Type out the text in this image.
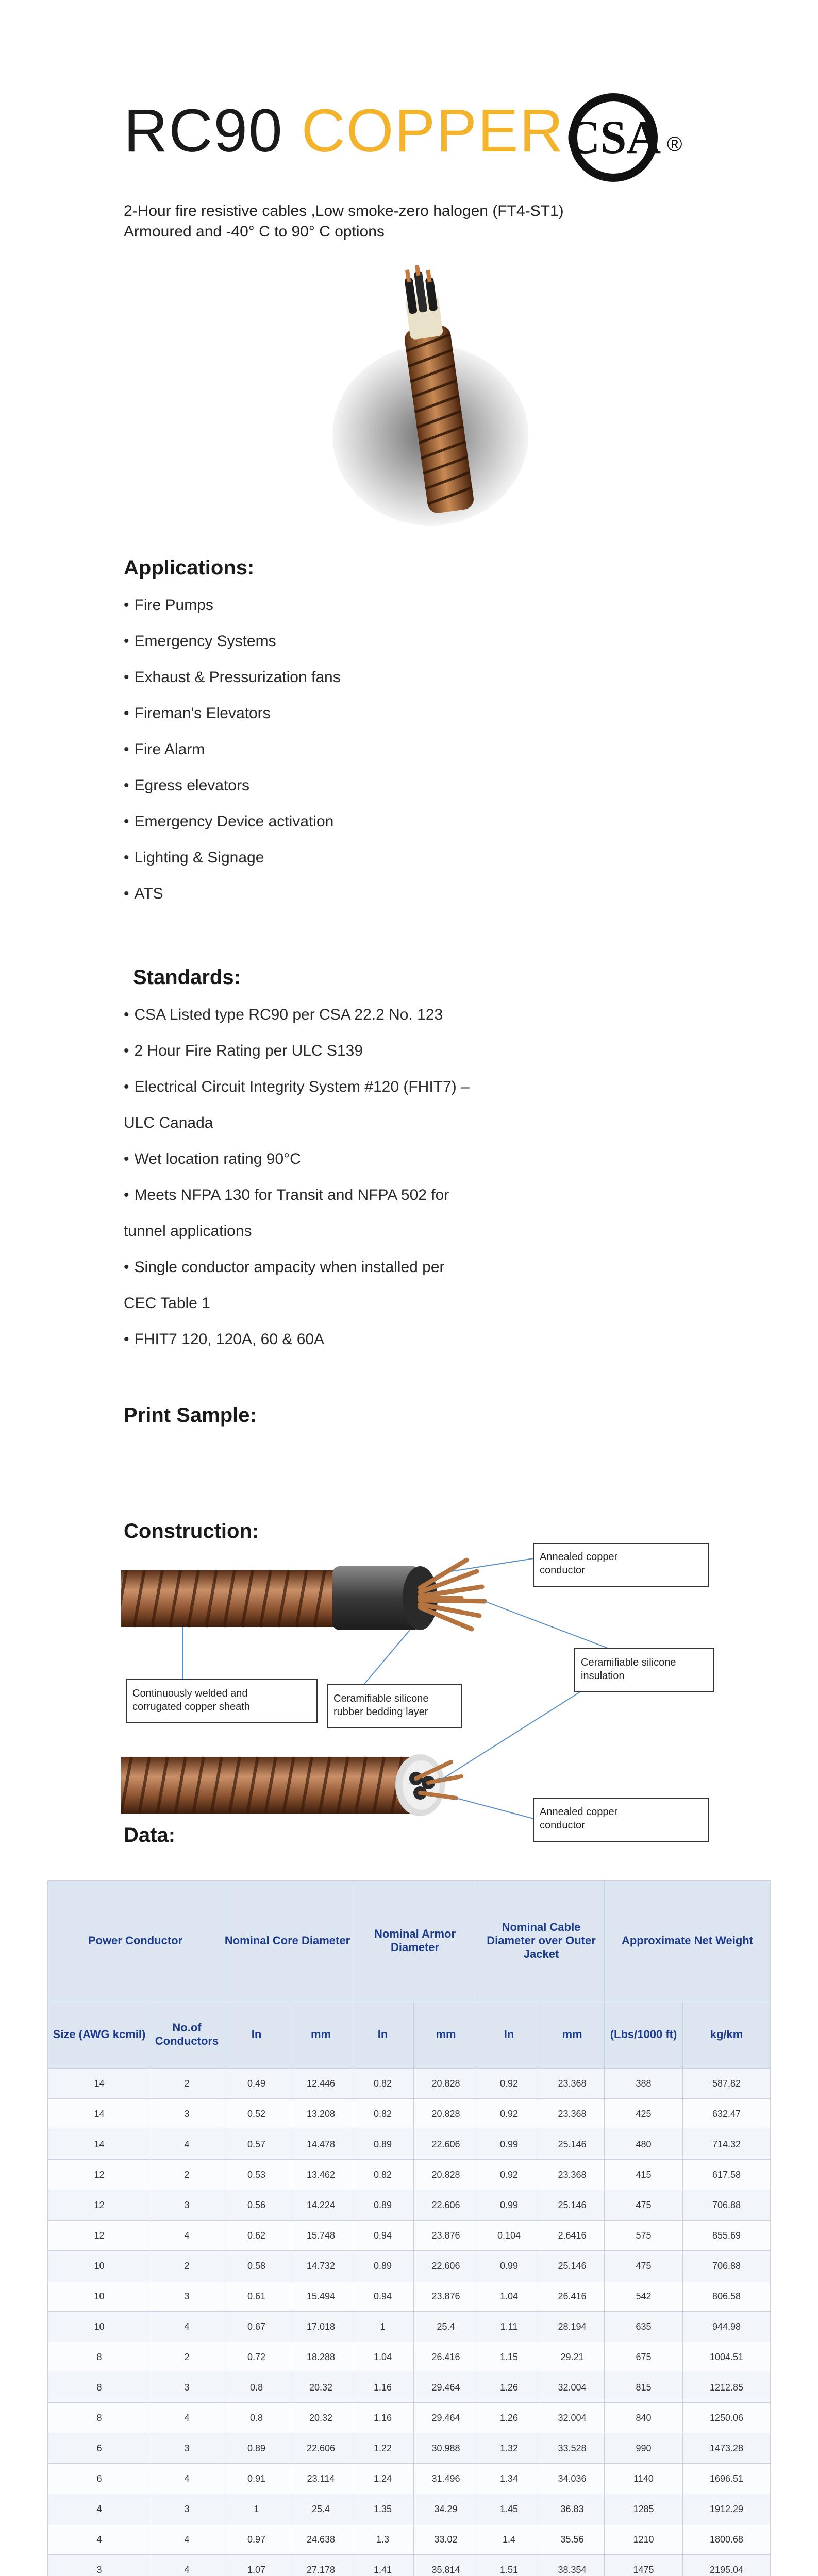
RC90 COPPER CSA ®

2-Hour fire resistive cables ,Low smoke-zero halogen (FT4-ST1)

Armoured and -40° C to 90° C options

Applications:
• Fire Pumps
• Emergency Systems
• Exhaust & Pressurization fans
• Fireman's Elevators
• Fire Alarm
• Egress elevators
• Emergency Device activation
• Lighting & Signage
• ATS
Standards:
• CSA Listed type RC90 per CSA 22.2 No. 123
• 2 Hour Fire Rating per ULC S139
• Electrical Circuit Integrity System #120 (FHIT7) –
ULC Canada
• Wet location rating 90°C
• Meets NFPA 130 for Transit and NFPA 502 for
tunnel applications
• Single conductor ampacity when installed per
CEC Table 1
• FHIT7 120, 120A, 60 & 60A
Print Sample:
Construction:
Annealed copper
conductor
Ceramifiable silicone
insulation
Continuously welded and
corrugated copper sheath
Ceramifiable silicone
rubber bedding layer
Annealed copper
conductor
Data:
Power Conductor		Nominal Core Diameter		Nominal Armor Diameter		Nominal Cable Diameter over Outer Jacket		Approximate Net Weight	
Size (AWG kcmil)	No.of Conductors	In	mm	In	mm	In	mm	(Lbs/1000 ft)	kg/km
14	2	0.49	12.446	0.82	20.828	0.92	23.368	388	587.82
14	3	0.52	13.208	0.82	20.828	0.92	23.368	425	632.47
14	4	0.57	14.478	0.89	22.606	0.99	25.146	480	714.32
12	2	0.53	13.462	0.82	20.828	0.92	23.368	415	617.58
12	3	0.56	14.224	0.89	22.606	0.99	25.146	475	706.88
12	4	0.62	15.748	0.94	23.876	0.104	2.6416	575	855.69
10	2	0.58	14.732	0.89	22.606	0.99	25.146	475	706.88
10	3	0.61	15.494	0.94	23.876	1.04	26.416	542	806.58
10	4	0.67	17.018	1	25.4	1.11	28.194	635	944.98
8	2	0.72	18.288	1.04	26.416	1.15	29.21	675	1004.51
8	3	0.8	20.32	1.16	29.464	1.26	32.004	815	1212.85
8	4	0.8	20.32	1.16	29.464	1.26	32.004	840	1250.06
6	3	0.89	22.606	1.22	30.988	1.32	33.528	990	1473.28
6	4	0.91	23.114	1.24	31.496	1.34	34.036	1140	1696.51
4	3	1	25.4	1.35	34.29	1.45	36.83	1285	1912.29
4	4	0.97	24.638	1.3	33.02	1.4	35.56	1210	1800.68
3	4	1.07	27.178	1.41	35.814	1.51	38.354	1475	2195.04
